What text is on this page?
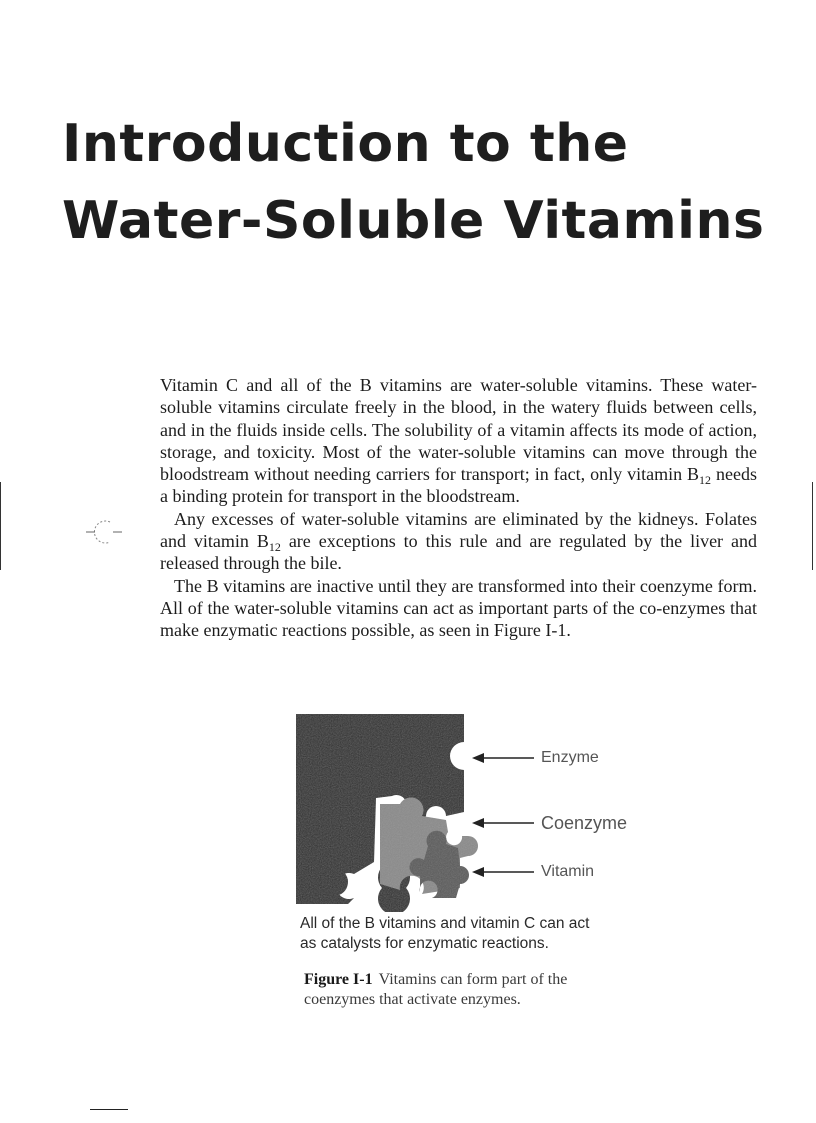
Introduction to the
Water-Soluble Vitamins

Vitamin C and all of the B vitamins are water-soluble vitamins. These water-soluble vitamins circulate freely in the blood, in the watery fluids between cells, and in the fluids inside cells. The solubility of a vitamin affects its mode of action, storage, and toxicity. Most of the water-soluble vitamins can move through the bloodstream without needing carriers for transport; in fact, only vitamin $B_{12}$ needs a binding protein for transport in the bloodstream.

Any excesses of water-soluble vitamins are eliminated by the kidneys. Folates and vitamin $B_{12}$ are exceptions to this rule and are regulated by the liver and released through the bile.

The B vitamins are inactive until they are transformed into their coenzyme form. All of the water-soluble vitamins can act as important parts of the co-enzymes that make enzymatic reactions possible, as seen in Figure I-1.

Enzyme
Coenzyme
Vitamin
All of the B vitamins and vitamin C can act
as catalysts for enzymatic reactions.
Figure I-1 Vitamins can form part of the
coenzymes that activate enzymes.
